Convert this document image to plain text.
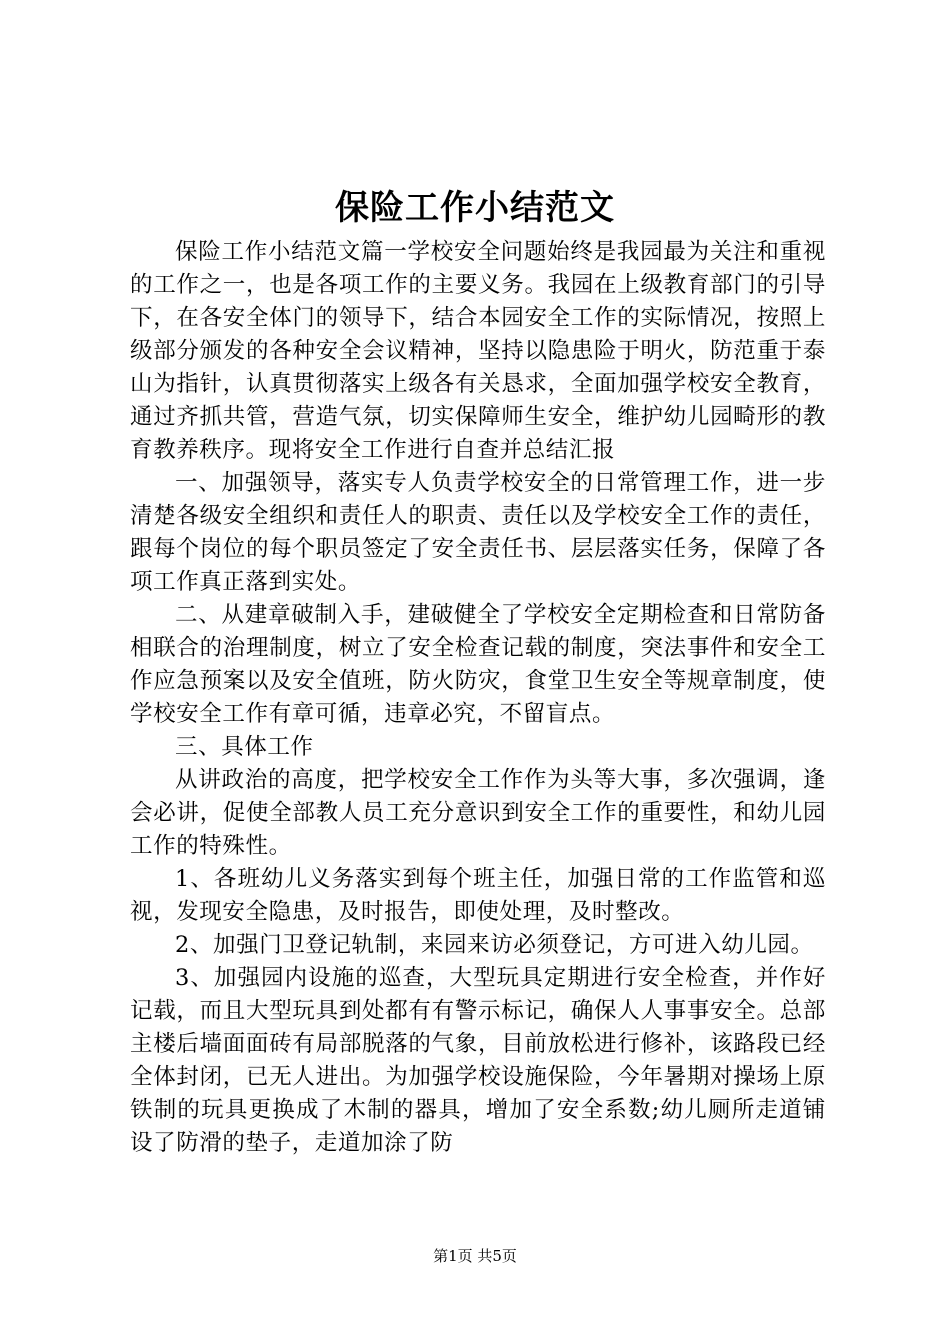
保险工作小结范文

保险工作小结范文篇一学校安全问题始终是我园最为关注和重视的工作之一，也是各项工作的主要义务。我园在上级教育部门的引导下，在各安全体门的领导下，结合本园安全工作的实际情况，按照上级部分颁发的各种安全会议精神，坚持以隐患险于明火，防范重于泰山为指针，认真贯彻落实上级各有关恳求，全面加强学校安全教育，通过齐抓共管，营造气氛，切实保障师生安全，维护幼儿园畸形的教育教养秩序。现将安全工作进行自查并总结汇报

一、加强领导，落实专人负责学校安全的日常管理工作，进一步清楚各级安全组织和责任人的职责、责任以及学校安全工作的责任，跟每个岗位的每个职员签定了安全责任书、层层落实任务，保障了各项工作真正落到实处。

二、从建章破制入手，建破健全了学校安全定期检查和日常防备相联合的治理制度，树立了安全检查记载的制度，突法事件和安全工作应急预案以及安全值班，防火防灾，食堂卫生安全等规章制度，使学校安全工作有章可循，违章必究，不留盲点。

三、具体工作

从讲政治的高度，把学校安全工作作为头等大事，多次强调，逢会必讲，促使全部教人员工充分意识到安全工作的重要性，和幼儿园工作的特殊性。

1、各班幼儿义务落实到每个班主任，加强日常的工作监管和巡视，发现安全隐患，及时报告，即使处理，及时整改。

2、加强门卫登记轨制，来园来访必须登记，方可进入幼儿园。

3、加强园内设施的巡查，大型玩具定期进行安全检查，并作好记载，而且大型玩具到处都有有警示标记，确保人人事事安全。总部主楼后墙面面砖有局部脱落的气象，目前放松进行修补，该路段已经全体封闭，已无人进出。为加强学校设施保险，今年暑期对操场上原铁制的玩具更换成了木制的器具，增加了安全系数;幼儿厕所走道铺设了防滑的垫子，走道加涂了防

第1页 共5页
